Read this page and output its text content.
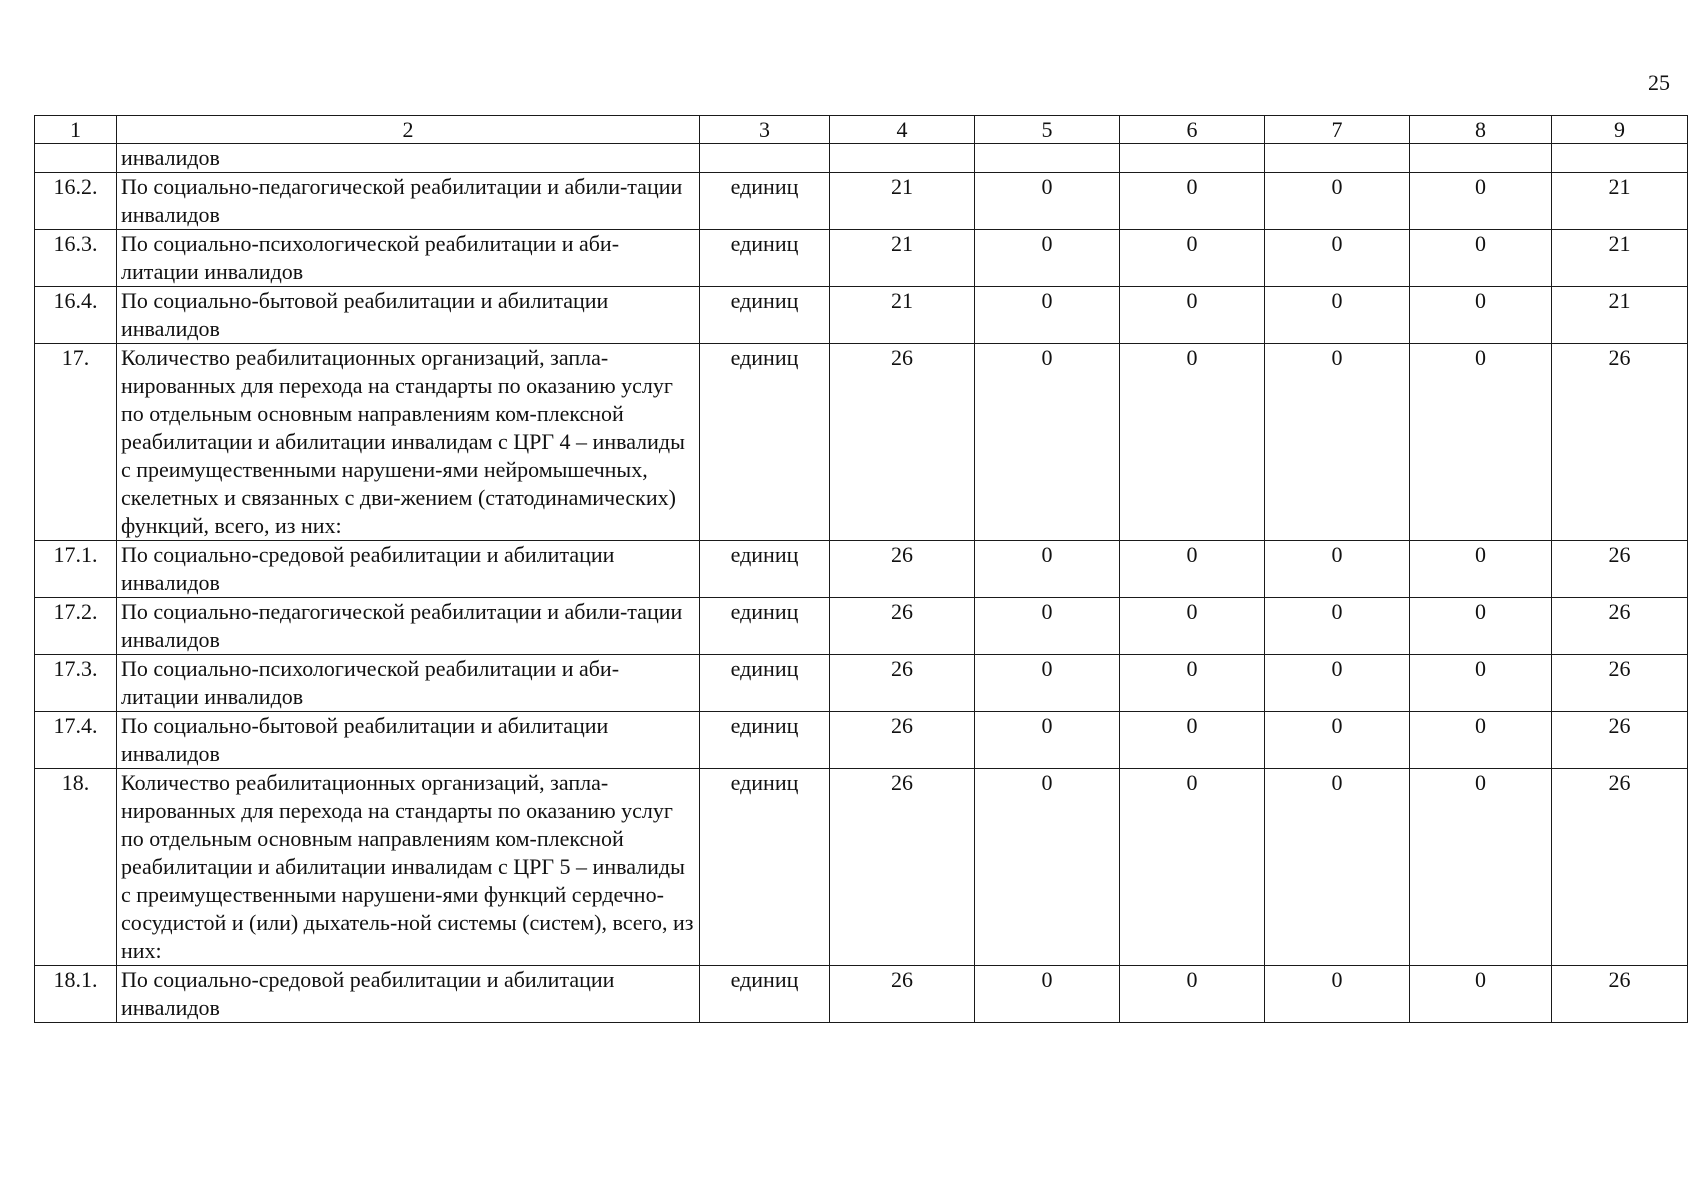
25
1	2	3	4	5	6	7	8	9
	инвалидов							
16.2.	По социально-педагогической реабилитации и абили-тации инвалидов	единиц	21	0	0	0	0	21
16.3.	По социально-психологической реабилитации и аби-литации инвалидов	единиц	21	0	0	0	0	21
16.4.	По социально-бытовой реабилитации и абилитации инвалидов	единиц	21	0	0	0	0	21
17.	Количество реабилитационных организаций, запла-нированных для перехода на стандарты по оказанию услуг по отдельным основным направлениям ком-плексной реабилитации и абилитации инвалидам с ЦРГ 4 – инвалиды с преимущественными нарушени-ями нейромышечных, скелетных и связанных с дви-жением (статодинамических) функций, всего, из них:	единиц	26	0	0	0	0	26
17.1.	По социально-средовой реабилитации и абилитации инвалидов	единиц	26	0	0	0	0	26
17.2.	По социально-педагогической реабилитации и абили-тации инвалидов	единиц	26	0	0	0	0	26
17.3.	По социально-психологической реабилитации и аби-литации инвалидов	единиц	26	0	0	0	0	26
17.4.	По социально-бытовой реабилитации и абилитации инвалидов	единиц	26	0	0	0	0	26
18.	Количество реабилитационных организаций, запла-нированных для перехода на стандарты по оказанию услуг по отдельным основным направлениям ком-плексной реабилитации и абилитации инвалидам с ЦРГ 5 – инвалиды с преимущественными нарушени-ями функций сердечно-сосудистой и (или) дыхатель-ной системы (систем), всего, из них:	единиц	26	0	0	0	0	26
18.1.	По социально-средовой реабилитации и абилитации инвалидов	единиц	26	0	0	0	0	26
